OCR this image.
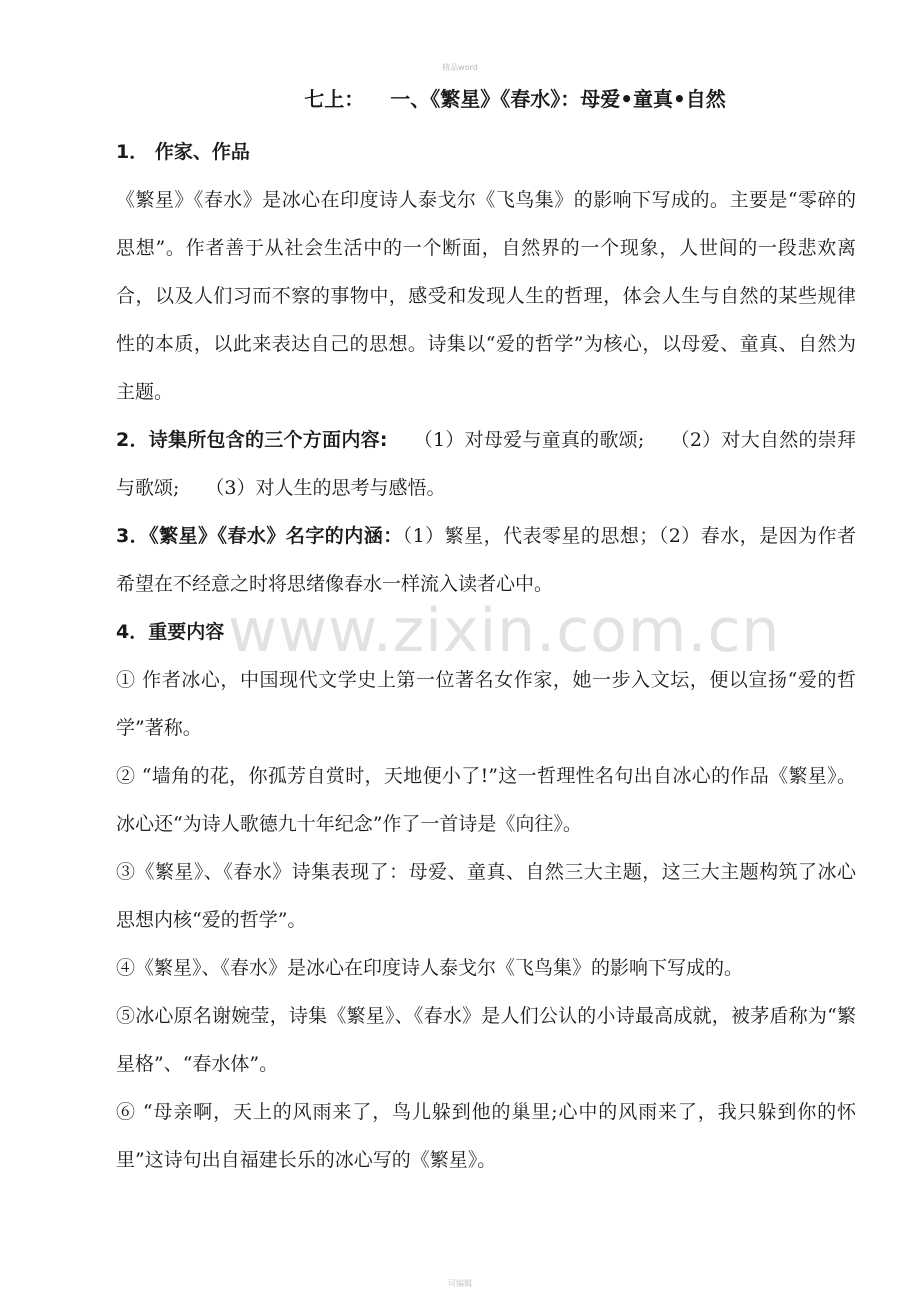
精品word
www.zixin.com.cn
七上： 一、《繁星》《春水》：母爱•童真•自然

1． 作家、作品

《繁星》《春水》是冰心在印度诗人泰戈尔《飞鸟集》的影响下写成的。主要是“零碎的思想”。作者善于从社会生活中的一个断面，自然界的一个现象，人世间的一段悲欢离合，以及人们习而不察的事物中，感受和发现人生的哲理，体会人生与自然的某些规律性的本质，以此来表达自己的思想。诗集以“爱的哲学”为核心，以母爱、童真、自然为主题。

2．诗集所包含的三个方面内容: （1）对母爱与童真的歌颂; （2）对大自然的崇拜与歌颂; （3）对人生的思考与感悟。

3．《繁星》《春水》名字的内涵：（1）繁星，代表零星的思想；（2）春水，是因为作者希望在不经意之时将思绪像春水一样流入读者心中。

4．重要内容

① 作者冰心，中国现代文学史上第一位著名女作家，她一步入文坛，便以宣扬“爱的哲学”著称。

② “墙角的花，你孤芳自赏时，天地便小了!”这一哲理性名句出自冰心的作品《繁星》。冰心还“为诗人歌德九十年纪念”作了一首诗是《向往》。

③《繁星》、《春水》诗集表现了：母爱、童真、自然三大主题，这三大主题构筑了冰心思想内核“爱的哲学”。

④《繁星》、《春水》是冰心在印度诗人泰戈尔《飞鸟集》的影响下写成的。

⑤冰心原名谢婉莹，诗集《繁星》、《春水》是人们公认的小诗最高成就，被茅盾称为“繁星格”、“春水体”。

⑥ “母亲啊，天上的风雨来了，鸟儿躲到他的巢里;心中的风雨来了，我只躲到你的怀里”这诗句出自福建长乐的冰心写的《繁星》。

可编辑
